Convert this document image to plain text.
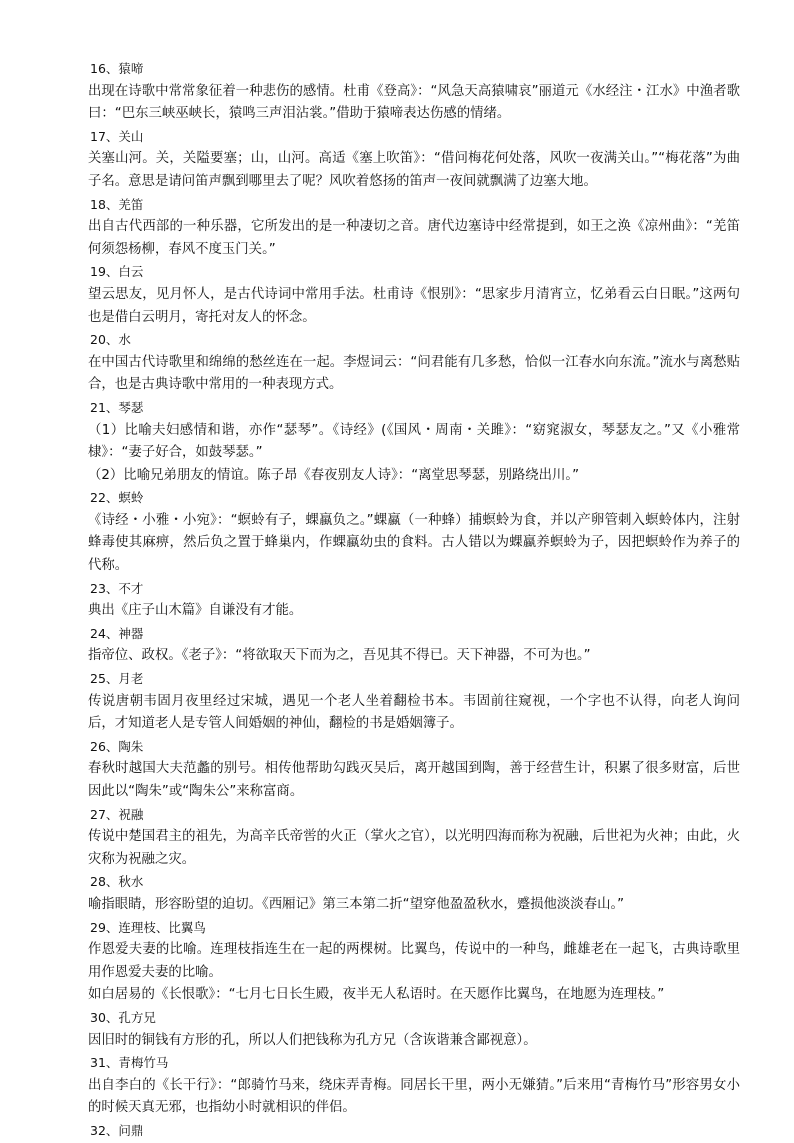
16、猿啼
出现在诗歌中常常象征着一种悲伤的感情。杜甫《登高》：“风急天高猿啸哀”丽道元《水经注・江水》中渔者歌曰：“巴东三峡巫峡长，猿鸣三声泪沾裳。”借助于猿啼表达伤感的情绪。
17、关山
关塞山河。关，关隘要塞；山，山河。高适《塞上吹笛》：“借问梅花何处落，风吹一夜满关山。”“梅花落”为曲子名。意思是请问笛声飘到哪里去了呢？风吹着悠扬的笛声一夜间就飘满了边塞大地。
18、羌笛
出自古代西部的一种乐器，它所发出的是一种凄切之音。唐代边塞诗中经常提到，如王之涣《凉州曲》：“羌笛何须怨杨柳，春风不度玉门关。”
19、白云
望云思友，见月怀人，是古代诗词中常用手法。杜甫诗《恨别》：“思家步月清宵立，忆弟看云白日眠。”这两句也是借白云明月，寄托对友人的怀念。
20、水
在中国古代诗歌里和绵绵的愁丝连在一起。李煜词云：“问君能有几多愁，恰似一江春水向东流。”流水与离愁贴合，也是古典诗歌中常用的一种表现方式。
21、琴瑟
（1）比喻夫妇感情和谐，亦作“瑟琴”。《诗经》(《国风・周南・关雎》：“窈窕淑女，琴瑟友之。”又《小雅常棣》：“妻子好合，如鼓琴瑟。”
（2）比喻兄弟朋友的情谊。陈子昂《春夜别友人诗》：“离堂思琴瑟，别路绕出川。”
22、螟蛉
《诗经・小雅・小宛》：“螟蛉有子，蜾蠃负之。”蜾蠃（一种蜂）捕螟蛉为食，并以产卵管刺入螟蛉体内，注射蜂毒使其麻痹，然后负之置于蜂巢内，作蜾蠃幼虫的食料。古人错以为蜾蠃养螟蛉为子，因把螟蛉作为养子的代称。
23、不才
典出《庄子山木篇》自谦没有才能。
24、神器
指帝位、政权。《老子》：“将欲取天下而为之，吾见其不得已。天下神器，不可为也。”
25、月老
传说唐朝韦固月夜里经过宋城，遇见一个老人坐着翻检书本。韦固前往窥视，一个字也不认得，向老人询问后，才知道老人是专管人间婚姻的神仙，翻检的书是婚姻簿子。
26、陶朱
春秋时越国大夫范蠡的别号。相传他帮助勾践灭吴后，离开越国到陶，善于经营生计，积累了很多财富，后世因此以“陶朱”或“陶朱公”来称富商。
27、祝融
传说中楚国君主的祖先，为高辛氏帝喾的火正（掌火之官），以光明四海而称为祝融，后世祀为火神；由此，火灾称为祝融之灾。
28、秋水
喻指眼睛，形容盼望的迫切。《西厢记》第三本第二折“望穿他盈盈秋水，蹙损他淡淡春山。”
29、连理枝、比翼鸟
作恩爱夫妻的比喻。连理枝指连生在一起的两棵树。比翼鸟，传说中的一种鸟，雌雄老在一起飞，古典诗歌里用作恩爱夫妻的比喻。
如白居易的《长恨歌》：“七月七日长生殿，夜半无人私语时。在天愿作比翼鸟，在地愿为连理枝。”
30、孔方兄
因旧时的铜钱有方形的孔，所以人们把钱称为孔方兄（含诙谐兼含鄙视意）。
31、青梅竹马
出自李白的《长干行》：“郎骑竹马来，绕床弄青梅。同居长干里，两小无嫌猜。”后来用“青梅竹马”形容男女小的时候天真无邪，也指幼小时就相识的伴侣。
32、问鼎
